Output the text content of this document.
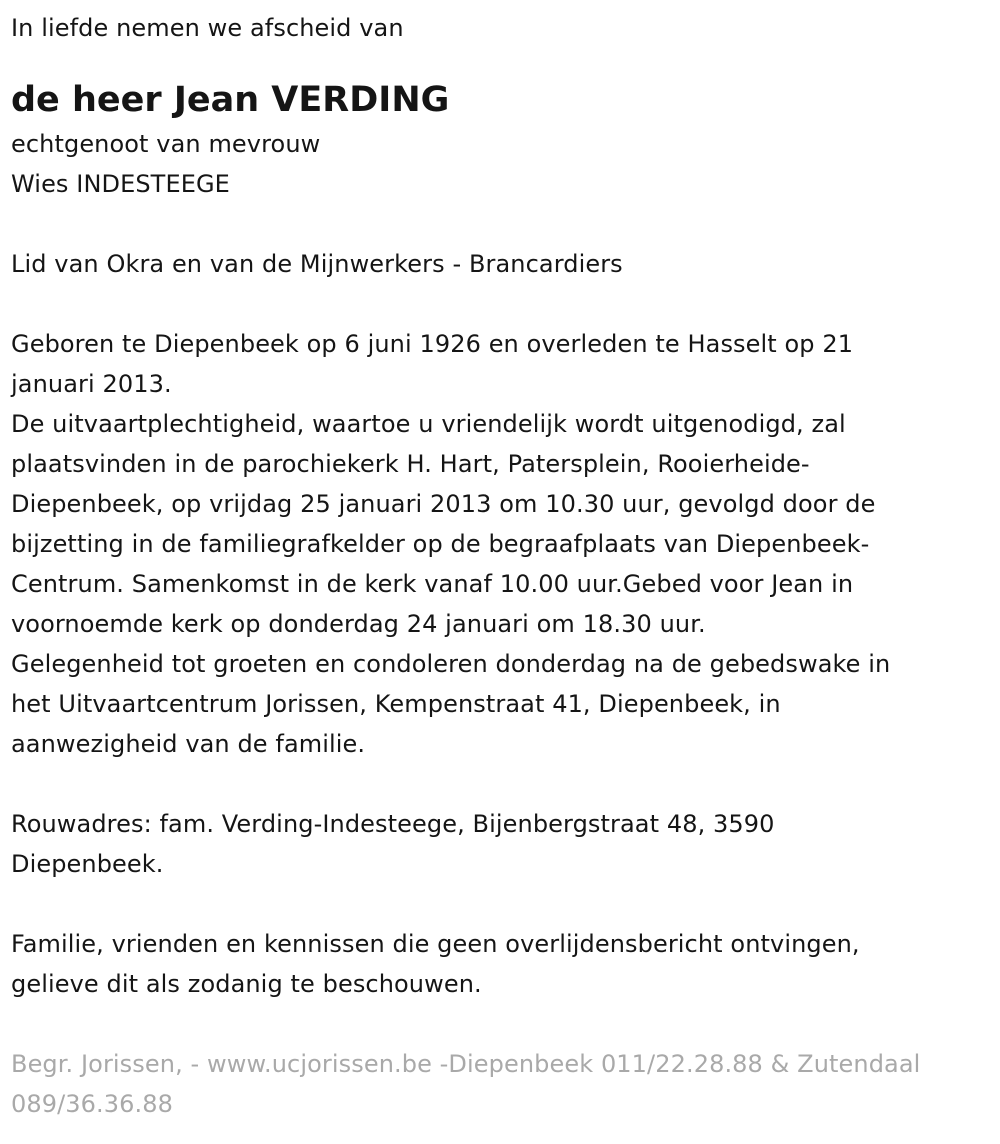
In liefde nemen we afscheid van
de heer Jean VERDING
echtgenoot van mevrouw
Wies INDESTEEGE
Lid van Okra en van de Mijnwerkers - Brancardiers
Geboren te Diepenbeek op 6 juni 1926 en overleden te Hasselt op 21
januari 2013.
De uitvaartplechtigheid, waartoe u vriendelijk wordt uitgenodigd, zal
plaatsvinden in de parochiekerk H. Hart, Patersplein, Rooierheide-
Diepenbeek, op vrijdag 25 januari 2013 om 10.30 uur, gevolgd door de
bijzetting in de familiegrafkelder op de begraafplaats van Diepenbeek-
Centrum. Samenkomst in de kerk vanaf 10.00 uur.Gebed voor Jean in
voornoemde kerk op donderdag 24 januari om 18.30 uur.
Gelegenheid tot groeten en condoleren donderdag na de gebedswake in
het Uitvaartcentrum Jorissen, Kempenstraat 41, Diepenbeek, in
aanwezigheid van de familie.
Rouwadres: fam. Verding-Indesteege, Bijenbergstraat 48, 3590
Diepenbeek.
Familie, vrienden en kennissen die geen overlijdensbericht ontvingen,
gelieve dit als zodanig te beschouwen.
Begr. Jorissen, - www.ucjorissen.be -Diepenbeek 011/22.28.88 & Zutendaal
089/36.36.88
